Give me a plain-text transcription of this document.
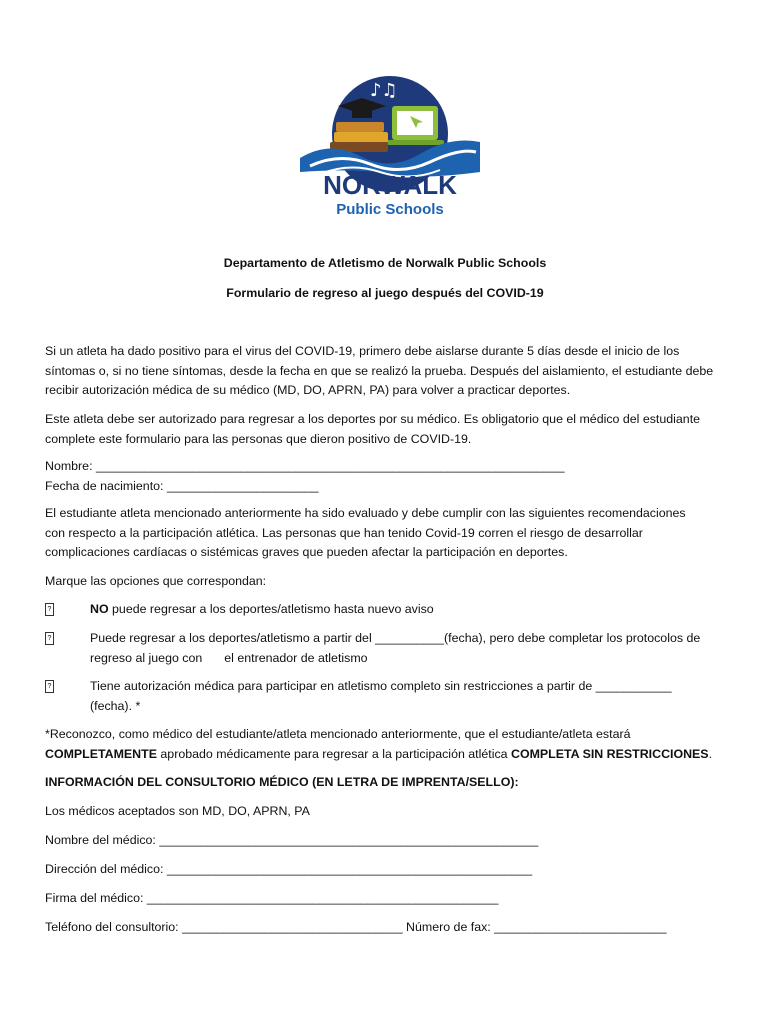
♪♫
NORWALK
Public Schools
Departamento de Atletismo de Norwalk Public Schools
Formulario de regreso al juego después del COVID-19
Si un atleta ha dado positivo para el virus del COVID-19, primero debe aislarse durante 5 días desde el inicio de los
síntomas o, si no tiene síntomas, desde la fecha en que se realizó la prueba. Después del aislamiento, el estudiante debe
recibir autorización médica de su médico (MD, DO, APRN, PA) para volver a practicar deportes.
Este atleta debe ser autorizado para regresar a los deportes por su médico. Es obligatorio que el médico del estudiante
complete este formulario para las personas que dieron positivo de COVID-19.
Nombre: ____________________________________________________________________
Fecha de nacimiento: ______________________
El estudiante atleta mencionado anteriormente ha sido evaluado y debe cumplir con las siguientes recomendaciones
con respecto a la participación atlética. Las personas que han tenido Covid-19 corren el riesgo de desarrollar
complicaciones cardíacas o sistémicas graves que pueden afectar la participación en deportes.
Marque las opciones que correspondan:
?	NO puede regresar a los deportes/atletismo hasta nuevo aviso
?	Puede regresar a los deportes/atletismo a partir del __________(fecha), pero debe completar los protocolos de
regreso al juego con el entrenador de atletismo
?	Tiene autorización médica para participar en atletismo completo sin restricciones a partir de ___________
(fecha). *
*Reconozco, como médico del estudiante/atleta mencionado anteriormente, que el estudiante/atleta estará
COMPLETAMENTE aprobado médicamente para regresar a la participación atlética COMPLETA SIN RESTRICCIONES.
INFORMACIÓN DEL CONSULTORIO MÉDICO (EN LETRA DE IMPRENTA/SELLO):
Los médicos aceptados son MD, DO, APRN, PA
Nombre del médico: _______________________________________________________
Dirección del médico: _____________________________________________________
Firma del médico: ___________________________________________________
Teléfono del consultorio: ________________________________ Número de fax: _________________________
